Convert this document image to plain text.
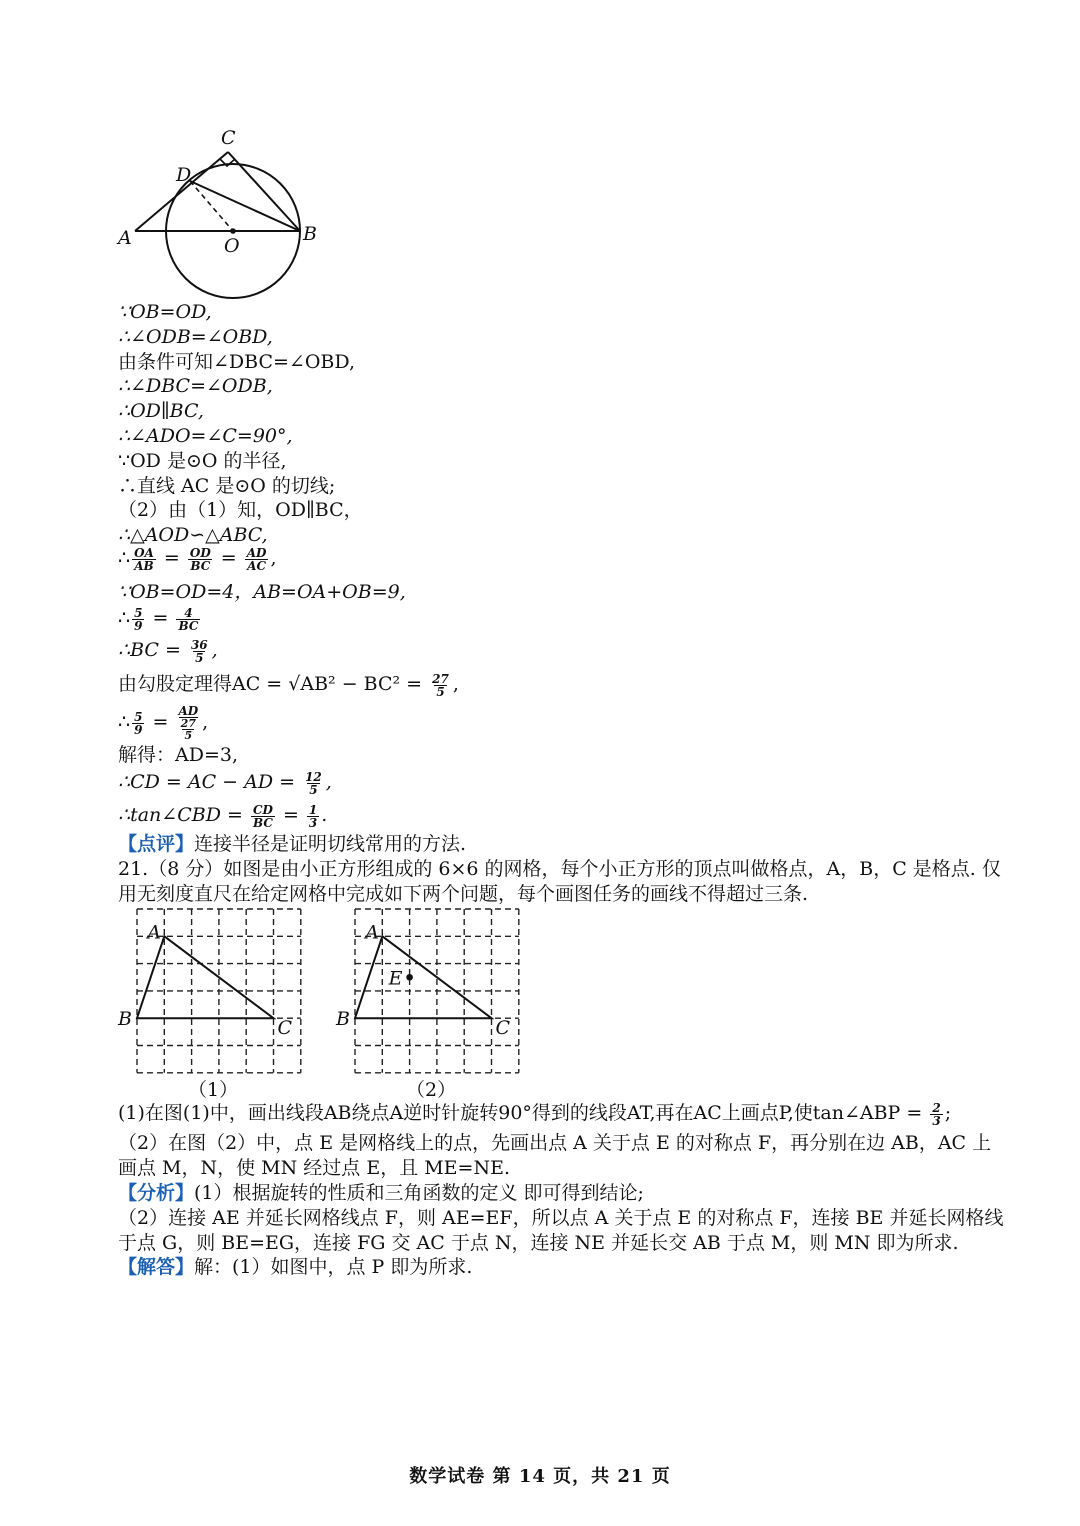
C
D
A	O
B
∵OB=OD,
∴∠ODB=∠OBD,
由条件可知∠DBC=∠OBD,
∴∠DBC=∠ODB,
∴OD∥BC,
∴∠ADO=∠C=90°,
∵OD 是⊙O 的半径,
∴直线 AC 是⊙O 的切线;
（2）由（1）知，OD∥BC，
∴△AOD∽△ABC,
∴ $\frac{OA}{AB} = \frac{OD}{BC} = \frac{AD}{AC}$ ,
∵OB=OD=4，AB=OA+OB=9,
∴ $\frac{5}{9} = \frac{4}{BC}$
∴BC = $\frac{36}{5}$ ,
由勾股定理得AC = $√AB^2 - BC^2 = \frac{27}{5}$ ,
∴ $\frac{5}{9} = \frac{AD}{\frac{27}{5}}$ ,
解得：AD=3,
∴CD = AC − AD = $\frac{12}{5}$ ,
∴tan∠CBD = $\frac{CD}{BC} = \frac{1}{3}$ .
【点评】连接半径是证明切线常用的方法.
21.（8 分）如图是由小正方形组成的 6×6 的网格，每个小正方形的顶点叫做格点，A，B，C 是格点. 仅
用无刻度直尺在给定网格中完成如下两个问题，每个画图任务的画线不得超过三条.
A
B	C
A
B	C
E
（1）	（2）
(1)在图(1)中，画出线段AB绕点A逆时针旋转90°得到的线段AT,再在AC上画点P,使tan∠ABP = $\frac{2}{3}$ ;
（2）在图（2）中，点 E 是网格线上的点，先画出点 A 关于点 E 的对称点 F，再分别在边 AB，AC 上
画点 M，N，使 MN 经过点 E，且 ME=NE.
【分析】(1）根据旋转的性质和三角函数的定义 即可得到结论;
（2）连接 AE 并延长网格线点 F，则 AE=EF，所以点 A 关于点 E 的对称点 F，连接 BE 并延长网格线
于点 G，则 BE=EG，连接 FG 交 AC 于点 N，连接 NE 并延长交 AB 于点 M，则 MN 即为所求.
【解答】解：(1）如图中，点 P 即为所求.
数学试卷 第 14 页，共 21 页
